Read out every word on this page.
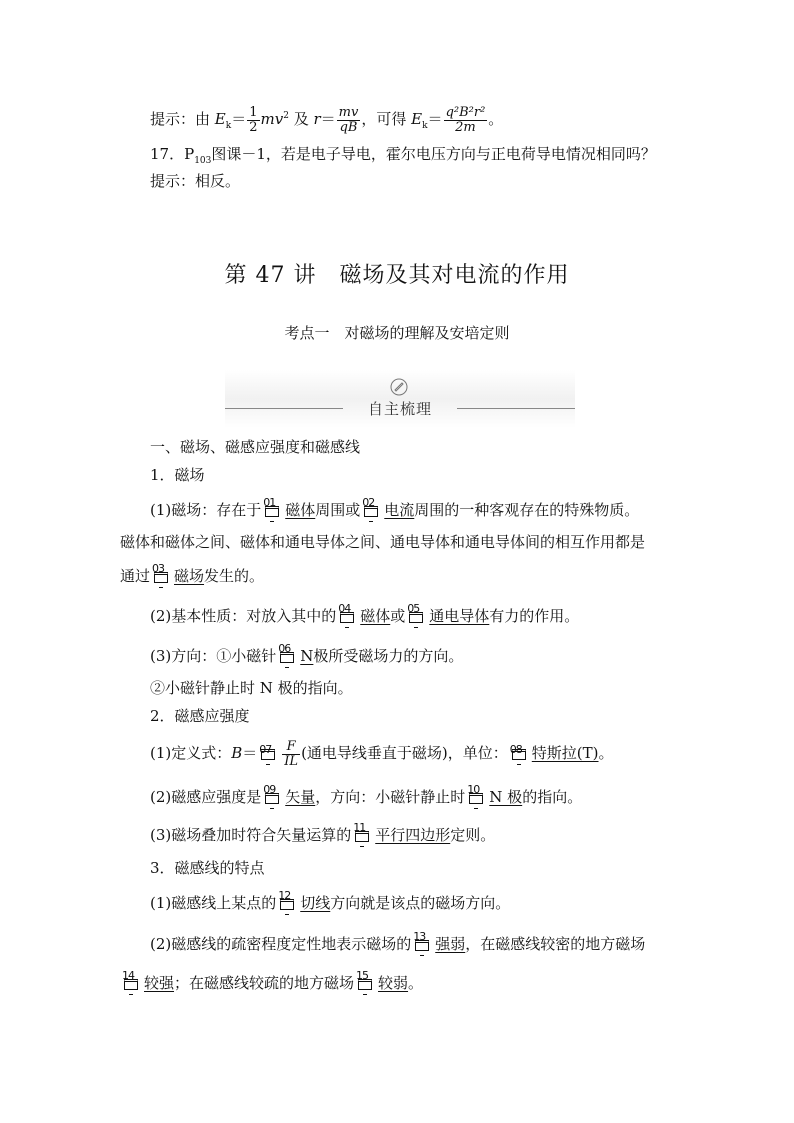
提示：由 $E_k= \frac{1}{2} mv^2$ 及 $r= \frac{mv}{qB}$ ，可得 $E_k= \frac{\text{q²B²r²}}{2m}$ 。
17．$P_{103}$图课－1，若是电子导电，霍尔电压方向与正电荷导电情况相同吗？
提示：相反。
第 47 讲　磁场及其对电流的作用
考点一　对磁场的理解及安培定则
自主梳理
一、磁场、磁感应强度和磁感线
1．磁场
(1)磁场：存在于 01 磁体周围或 02 电流周围的一种客观存在的特殊物质。
磁体和磁体之间、磁体和通电导体之间、通电导体和通电导体间的相互作用都是
通过 03 磁场发生的。
(2)基本性质：对放入其中的 04 磁体或 05 通电导体有力的作用。
(3)方向：①小磁针 06 N极所受磁场力的方向。
②小磁针静止时 N 极的指向。
2．磁感应强度
(1)定义式：$B= 07 \frac{F}{IL}$ (通电导线垂直于磁场)，单位： 08 特斯拉(T)。
(2)磁感应强度是 09 矢量，方向：小磁针静止时 10 N 极的指向。
(3)磁场叠加时符合矢量运算的 11 平行四边形定则。
3．磁感线的特点
(1)磁感线上某点的 12 切线方向就是该点的磁场方向。
(2)磁感线的疏密程度定性地表示磁场的 13 强弱，在磁感线较密的地方磁场
14 较强；在磁感线较疏的地方磁场 15 较弱。
